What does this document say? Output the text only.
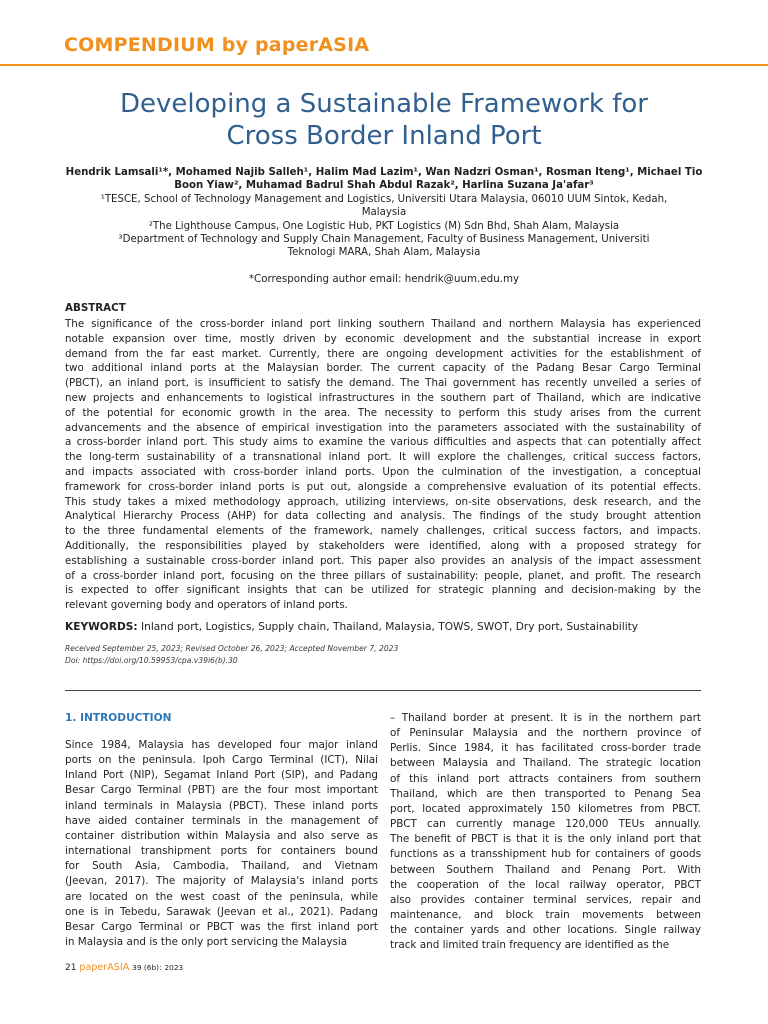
COMPENDIUM by paperASIA
Developing a Sustainable Framework for
Cross Border Inland Port
Hendrik Lamsali¹*, Mohamed Najib Salleh¹, Halim Mad Lazim¹, Wan Nadzri Osman¹, Rosman Iteng¹, Michael Tio
Boon Yiaw², Muhamad Badrul Shah Abdul Razak², Harlina Suzana Ja'afar³
¹TESCE, School of Technology Management and Logistics, Universiti Utara Malaysia, 06010 UUM Sintok, Kedah,
Malaysia
²The Lighthouse Campus, One Logistic Hub, PKT Logistics (M) Sdn Bhd, Shah Alam, Malaysia
³Department of Technology and Supply Chain Management, Faculty of Business Management, Universiti
Teknologi MARA, Shah Alam, Malaysia
*Corresponding author email: hendrik@uum.edu.my
ABSTRACT
The significance of the cross-border inland port linking southern Thailand and northern Malaysia has experienced
notable expansion over time, mostly driven by economic development and the substantial increase in export
demand from the far east market. Currently, there are ongoing development activities for the establishment of
two additional inland ports at the Malaysian border. The current capacity of the Padang Besar Cargo Terminal
(PBCT), an inland port, is insufficient to satisfy the demand. The Thai government has recently unveiled a series of
new projects and enhancements to logistical infrastructures in the southern part of Thailand, which are indicative
of the potential for economic growth in the area. The necessity to perform this study arises from the current
advancements and the absence of empirical investigation into the parameters associated with the sustainability of
a cross-border inland port. This study aims to examine the various difficulties and aspects that can potentially affect
the long-term sustainability of a transnational inland port. It will explore the challenges, critical success factors,
and impacts associated with cross-border inland ports. Upon the culmination of the investigation, a conceptual
framework for cross-border inland ports is put out, alongside a comprehensive evaluation of its potential effects.
This study takes a mixed methodology approach, utilizing interviews, on-site observations, desk research, and the
Analytical Hierarchy Process (AHP) for data collecting and analysis. The findings of the study brought attention
to the three fundamental elements of the framework, namely challenges, critical success factors, and impacts.
Additionally, the responsibilities played by stakeholders were identified, along with a proposed strategy for
establishing a sustainable cross-border inland port. This paper also provides an analysis of the impact assessment
of a cross-border inland port, focusing on the three pillars of sustainability: people, planet, and profit. The research
is expected to offer significant insights that can be utilized for strategic planning and decision-making by the
relevant governing body and operators of inland ports.
KEYWORDS: Inland port, Logistics, Supply chain, Thailand, Malaysia, TOWS, SWOT, Dry port, Sustainability
Received September 25, 2023; Revised October 26, 2023; Accepted November 7, 2023
Doi: https://doi.org/10.59953/cpa.v39i6(b).30
1. INTRODUCTION
Since 1984, Malaysia has developed four major inland
ports on the peninsula. Ipoh Cargo Terminal (ICT), Nilai
Inland Port (NIP), Segamat Inland Port (SIP), and Padang
Besar Cargo Terminal (PBT) are the four most important
inland terminals in Malaysia (PBCT). These inland ports
have aided container terminals in the management of
container distribution within Malaysia and also serve as
international transhipment ports for containers bound
for South Asia, Cambodia, Thailand, and Vietnam
(Jeevan, 2017). The majority of Malaysia's inland ports
are located on the west coast of the peninsula, while
one is in Tebedu, Sarawak (Jeevan et al., 2021). Padang
Besar Cargo Terminal or PBCT was the first inland port
in Malaysia and is the only port servicing the Malaysia
– Thailand border at present. It is in the northern part
of Peninsular Malaysia and the northern province of
Perlis. Since 1984, it has facilitated cross-border trade
between Malaysia and Thailand. The strategic location
of this inland port attracts containers from southern
Thailand, which are then transported to Penang Sea
port, located approximately 150 kilometres from PBCT.
PBCT can currently manage 120,000 TEUs annually.
The benefit of PBCT is that it is the only inland port that
functions as a transshipment hub for containers of goods
between Southern Thailand and Penang Port. With
the cooperation of the local railway operator, PBCT
also provides container terminal services, repair and
maintenance, and block train movements between
the container yards and other locations. Single railway
track and limited train frequency are identified as the
21 paperASIA 39 (6b): 2023
